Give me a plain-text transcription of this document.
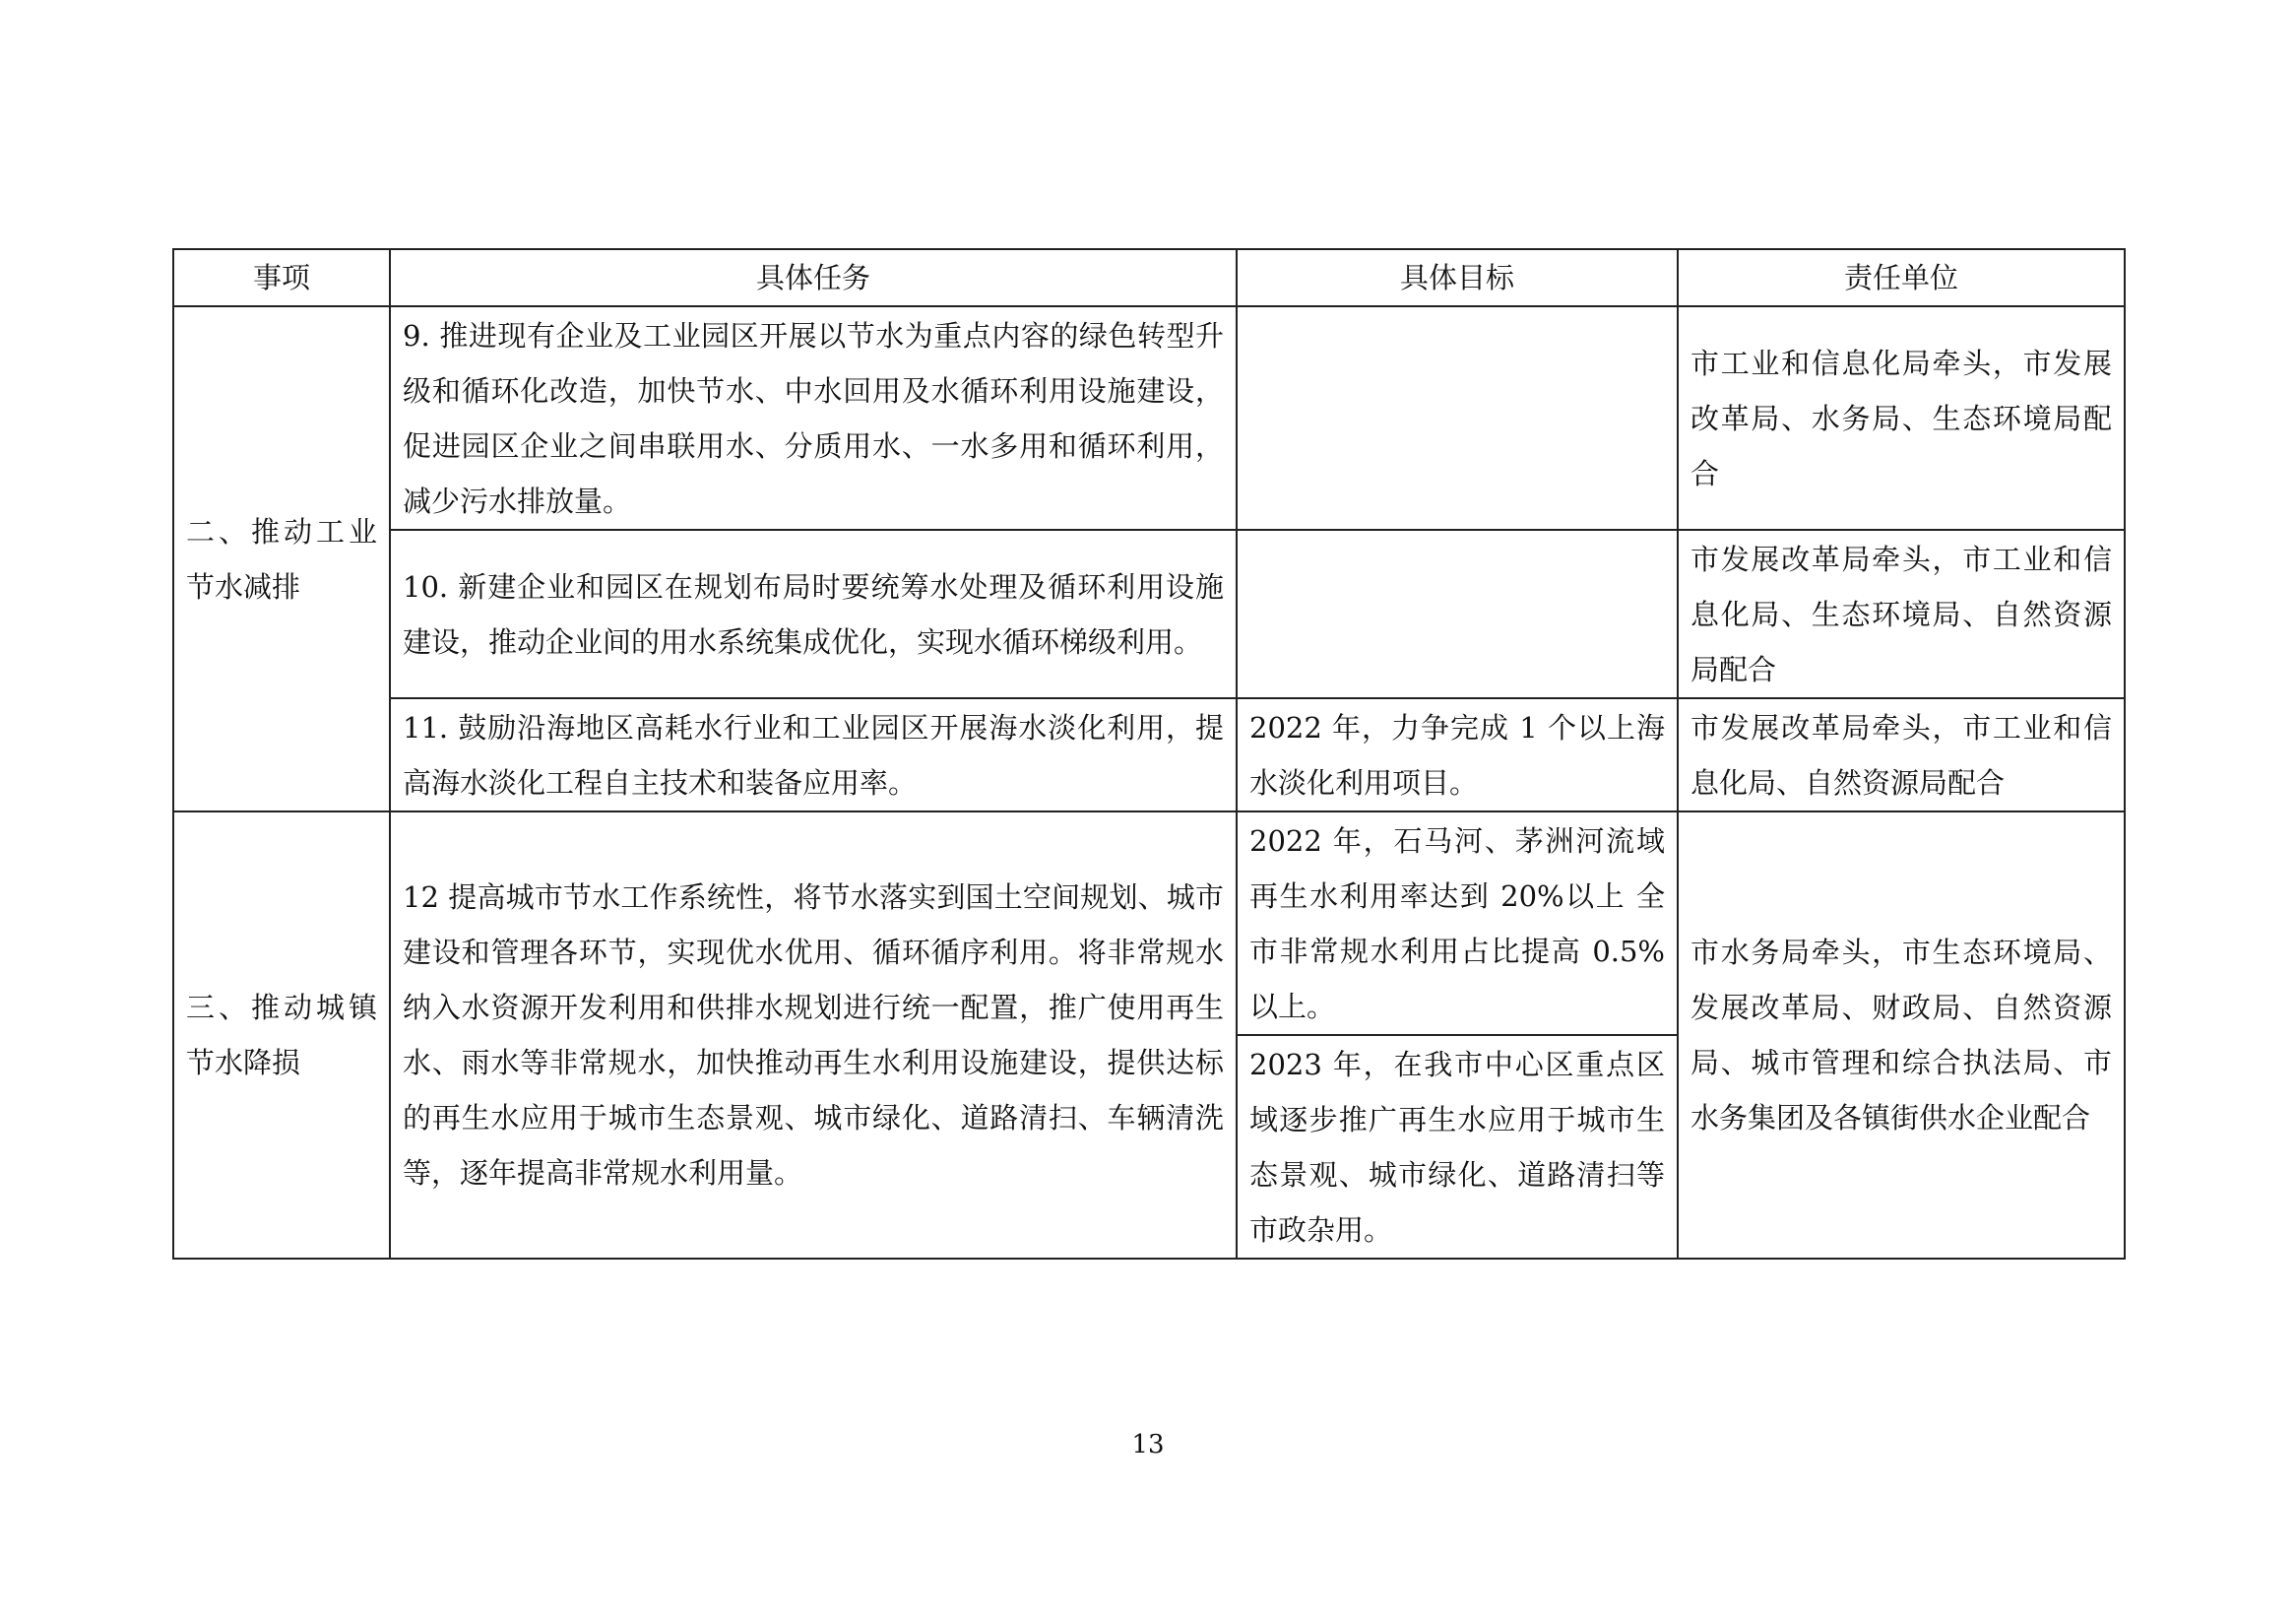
事项	具体任务	具体目标	责任单位
二、推动工业节水减排	9. 推进现有企业及工业园区开展以节水为重点内容的绿色转型升级和循环化改造，加快节水、中水回用及水循环利用设施建设，促进园区企业之间串联用水、分质用水、一水多用和循环利用，减少污水排放量。		市工业和信息化局牵头，市发展改革局、水务局、生态环境局配合
	10. 新建企业和园区在规划布局时要统筹水处理及循环利用设施建设，推动企业间的用水系统集成优化，实现水循环梯级利用。		市发展改革局牵头，市工业和信息化局、生态环境局、自然资源局配合
	11. 鼓励沿海地区高耗水行业和工业园区开展海水淡化利用，提高海水淡化工程自主技术和装备应用率。	2022 年，力争完成 1 个以上海水淡化利用项目。	市发展改革局牵头，市工业和信息化局、自然资源局配合
三、推动城镇节水降损	12 提高城市节水工作系统性，将节水落实到国土空间规划、城市建设和管理各环节，实现优水优用、循环循序利用。将非常规水纳入水资源开发利用和供排水规划进行统一配置，推广使用再生水、雨水等非常规水，加快推动再生水利用设施建设，提供达标的再生水应用于城市生态景观、城市绿化、道路清扫、车辆清洗等，逐年提高非常规水利用量。	2022 年，石马河、茅洲河流域再生水利用率达到 20%以上 全市非常规水利用占比提高 0.5%以上。	市水务局牵头，市生态环境局、发展改革局、财政局、自然资源局、城市管理和综合执法局、市水务集团及各镇街供水企业配合
		2023 年，在我市中心区重点区域逐步推广再生水应用于城市生态景观、城市绿化、道路清扫等市政杂用。	
13
